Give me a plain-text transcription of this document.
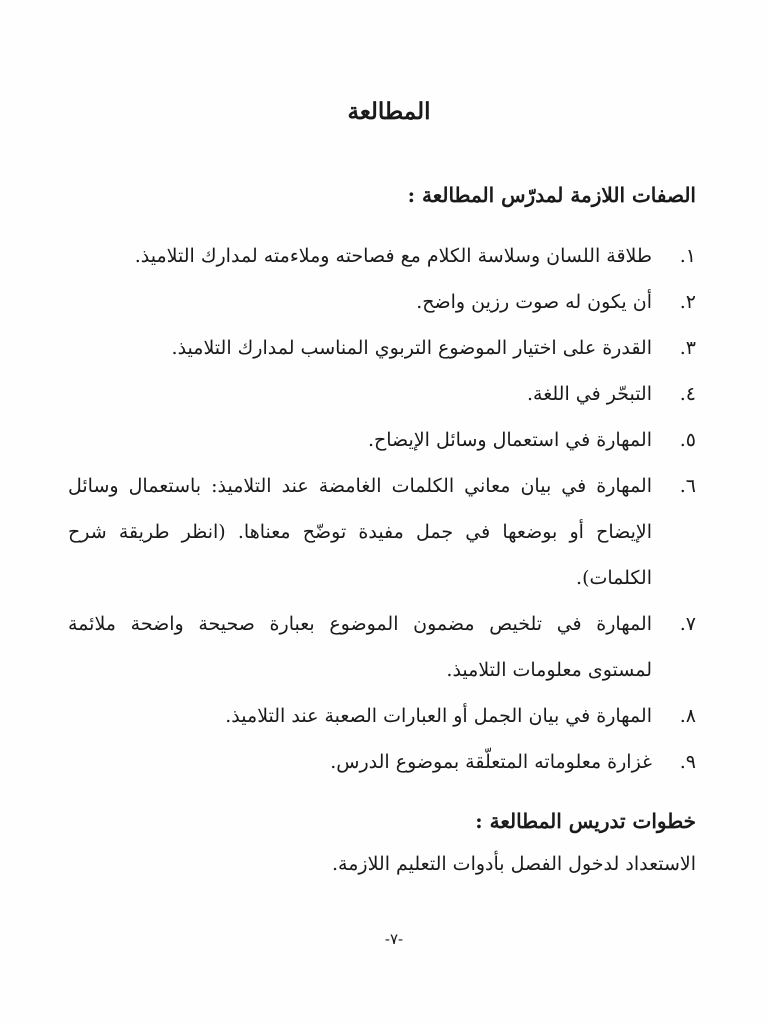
المطالعة
الصفات اللازمة لمدرّس المطالعة :
١.
طلاقة اللسان وسلاسة الكلام مع فصاحته وملاءمته لمدارك التلاميذ.
٢.
أن يكون له صوت رزين واضح.
٣.
القدرة على اختيار الموضوع التربوي المناسب لمدارك التلاميذ.
٤.
التبحّر في اللغة.
٥.
المهارة في استعمال وسائل الإيضاح.
٦.
المهارة في بيان معاني الكلمات الغامضة عند التلاميذ: باستعمال وسائل الإيضاح أو بوضعها في جمل مفيدة توضّح معناها. (انظر طريقة شرح الكلمات).
٧.
المهارة في تلخيص مضمون الموضوع بعبارة صحيحة واضحة ملائمة لمستوى معلومات التلاميذ.
٨.
المهارة في بيان الجمل أو العبارات الصعبة عند التلاميذ.
٩.
غزارة معلوماته المتعلّقة بموضوع الدرس.
خطوات تدريس المطالعة :

الاستعداد لدخول الفصل بأدوات التعليم اللازمة.

-٧-
